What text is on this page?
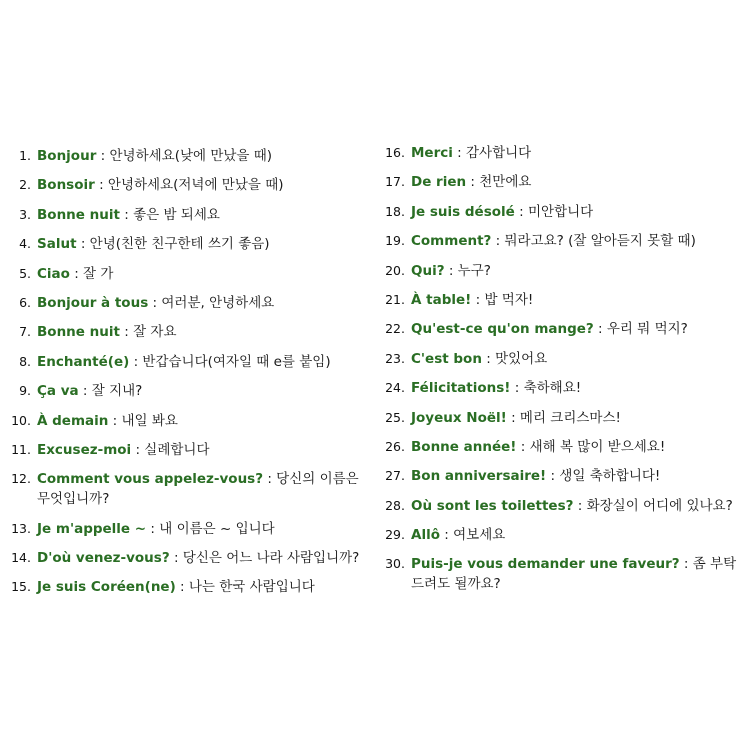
1. Bonjour : 안녕하세요(낮에 만났을 때)
2. Bonsoir : 안녕하세요(저녁에 만났을 때)
3. Bonne nuit : 좋은 밤 되세요
4. Salut : 안녕(친한 친구한테 쓰기 좋음)
5. Ciao : 잘 가
6. Bonjour à tous : 여러분, 안녕하세요
7. Bonne nuit : 잘 자요
8. Enchanté(e) : 반갑습니다(여자일 때 e를 붙임)
9. Ça va : 잘 지내?
10. À demain : 내일 봐요
11. Excusez-moi : 실례합니다
12. Comment vous appelez-vous? : 당신의 이름은 무엇입니까?
13. Je m'appelle ~ : 내 이름은 ~ 입니다
14. D'où venez-vous? : 당신은 어느 나라 사람입니까?
15. Je suis Coréen(ne) : 나는 한국 사람입니다
16. Merci : 감사합니다
17. De rien : 천만에요
18. Je suis désolé : 미안합니다
19. Comment? : 뭐라고요? (잘 알아듣지 못할 때)
20. Qui? : 누구?
21. À table! : 밥 먹자!
22. Qu'est-ce qu'on mange? : 우리 뭐 먹지?
23. C'est bon : 맛있어요
24. Félicitations! : 축하해요!
25. Joyeux Noël! : 메리 크리스마스!
26. Bonne année! : 새해 복 많이 받으세요!
27. Bon anniversaire! : 생일 축하합니다!
28. Où sont les toilettes? : 화장실이 어디에 있나요?
29. Allô : 여보세요
30. Puis-je vous demander une faveur? : 좀 부탁드려도 될까요?
